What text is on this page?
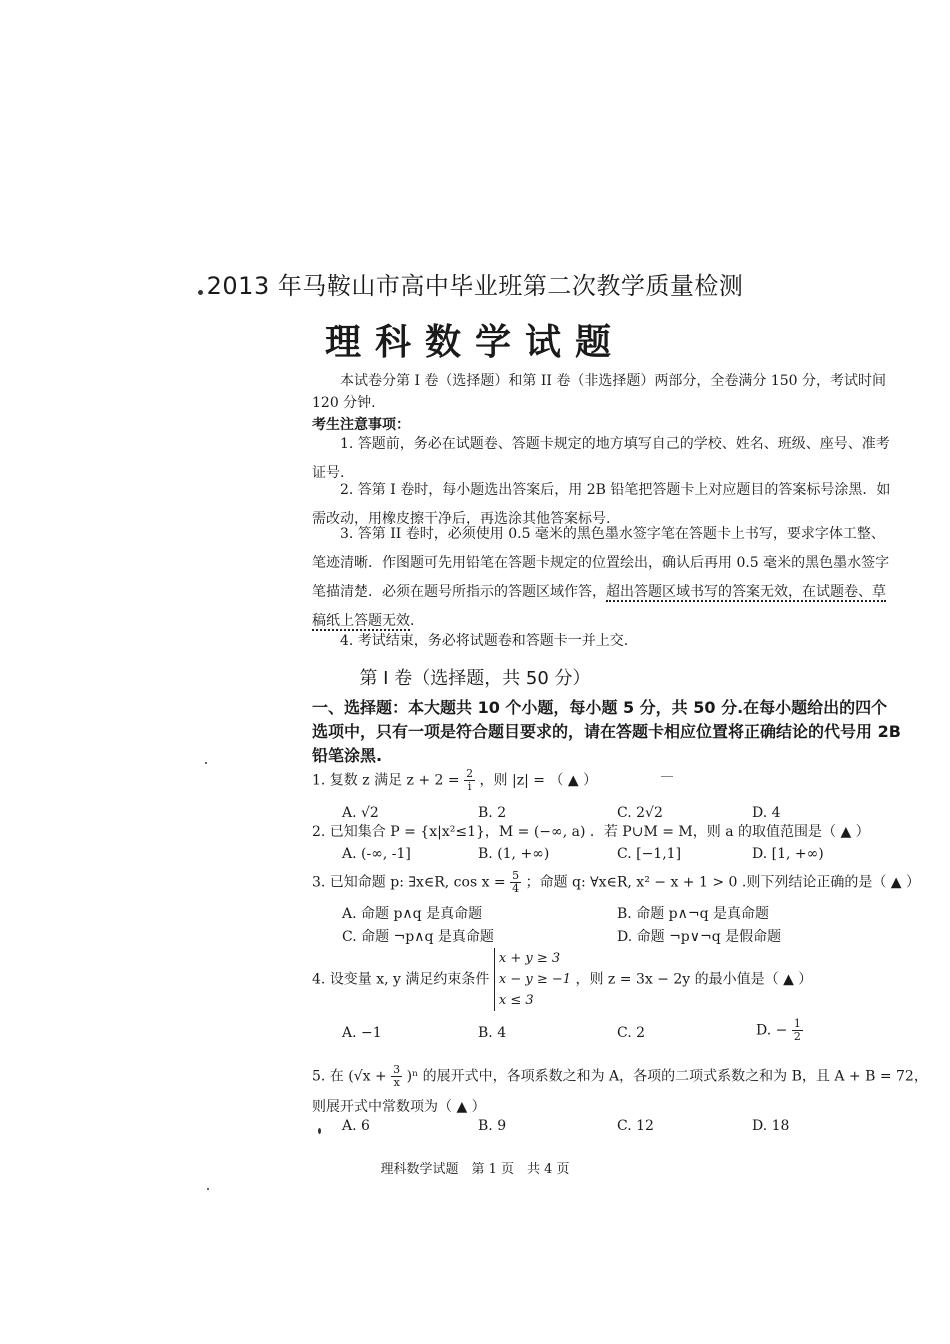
2013 年马鞍山市高中毕业班第二次教学质量检测
理科数学试题
本试卷分第 I 卷（选择题）和第 II 卷（非选择题）两部分，全卷满分 150 分，考试时间 120 分钟.
考生注意事项：
1. 答题前，务必在试题卷、答题卡规定的地方填写自己的学校、姓名、班级、座号、准考证号.
2. 答第 I 卷时，每小题选出答案后，用 2B 铅笔把答题卡上对应题目的答案标号涂黑．如需改动，用橡皮擦干净后，再选涂其他答案标号.
3. 答第 II 卷时，必须使用 0.5 毫米的黑色墨水签字笔在答题卡上书写，要求字体工整、笔迹清晰．作图题可先用铅笔在答题卡规定的位置绘出，确认后再用 0.5 毫米的黑色墨水签字笔描清楚．必须在题号所指示的答题区域作答，超出答题区域书写的答案无效，在试题卷、草稿纸上答题无效．
4. 考试结束，务必将试题卷和答题卡一并上交.
第 I 卷（选择题，共 50 分）
一、选择题：本大题共 10 个小题，每小题 5 分，共 50 分.在每小题给出的四个选项中，只有一项是符合题目要求的，请在答题卡相应位置将正确结论的代号用 2B 铅笔涂黑.
1. 复数 z 满足 $z + 2 = \frac{2}{i}$ ，则 |z| = （ ▲ ）
A. √2	B. 2	C. 2√2	D. 4
2. 已知集合 P = {x|x²≤1}，M = (−∞, a) ．若 P∪M = M，则 a 的取值范围是（ ▲ ）
A. (-∞, -1]	B. (1, +∞)	C. [−1,1]	D. [1, +∞)
3. 已知命题 p: ∃x∈R, $\cos x = \frac{5}{4}$ ；命题 q: ∀x∈R, x² − x + 1 > 0 .则下列结论正确的是（ ▲ ）
A. 命题 p∧q 是真命题	B. 命题 p∧¬q 是真命题
C. 命题 ¬p∧q 是真命题	D. 命题 ¬p∨¬q 是假命题
4. 设变量 x, y 满足约束条件
x + y ≥ 3
x − y ≥ −1
x ≤ 3
，则 z = 3x − 2y 的最小值是（ ▲ ）
A. −1	B. 4	C. 2	D. − $\frac{1}{2}$
5. 在 $(√x + \frac{3}{x} )^n$ 的展开式中，各项系数之和为 A，各项的二项式系数之和为 B，且 A + B = 72，
则展开式中常数项为（ ▲ ）
A. 6	B. 9	C. 12	D. 18
理科数学试题　第 1 页　共 4 页
